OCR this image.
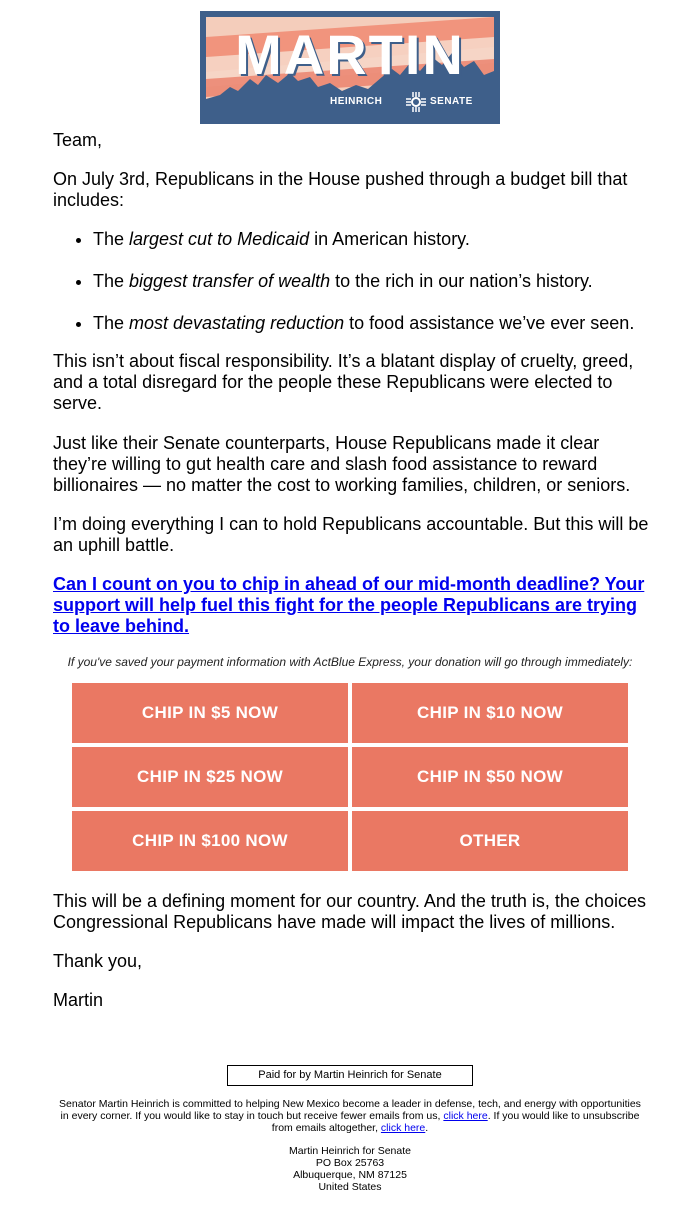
MARTIN
HEINRICH	SENATE

Team,

On July 3rd, Republicans in the House pushed through a budget bill that includes:

The largest cut to Medicaid in American history.
The biggest transfer of wealth to the rich in our nation’s history.
The most devastating reduction to food assistance we’ve ever seen.

This isn’t about fiscal responsibility. It’s a blatant display of cruelty, greed, and a total disregard for the people these Republicans were elected to serve.

Just like their Senate counterparts, House Republicans made it clear they’re willing to gut health care and slash food assistance to reward billionaires — no matter the cost to working families, children, or seniors.

I’m doing everything I can to hold Republicans accountable. But this will be an uphill battle.

Can I count on you to chip in ahead of our mid-month deadline? Your support will help fuel this fight for the people Republicans are trying to leave behind.
If you've saved your payment information with ActBlue Express, your donation will go through immediately:
CHIP IN $5 NOW	CHIP IN $10 NOW
CHIP IN $25 NOW	CHIP IN $50 NOW
CHIP IN $100 NOW	OTHER

This will be a defining moment for our country. And the truth is, the choices Congressional Republicans have made will impact the lives of millions.

Thank you,

Martin

Paid for by Martin Heinrich for Senate
Senator Martin Heinrich is committed to helping New Mexico become a leader in defense, tech, and energy with opportunities in every corner. If you would like to stay in touch but receive fewer emails from us, click here. If you would like to unsubscribe from emails altogether, click here.
Martin Heinrich for Senate
PO Box 25763
Albuquerque, NM 87125
United States
